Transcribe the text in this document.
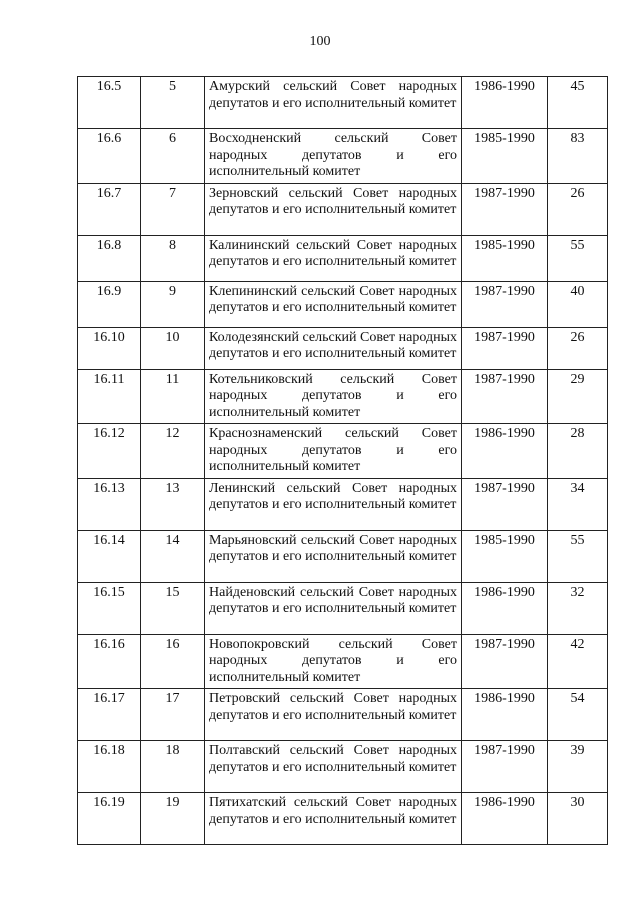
100
16.5	5	Амурский сельский Совет народных депутатов и его исполнительный комитет	1986-1990	45
16.6	6	Восходненский сельский Совет народных депутатов и его исполнительный комитет	1985-1990	83
16.7	7	Зерновский сельский Совет народных депутатов и его исполнительный комитет	1987-1990	26
16.8	8	Калининский сельский Совет народных депутатов и его исполнительный комитет	1985-1990	55
16.9	9	Клепининский сельский Совет народных депутатов и его исполнительный комитет	1987-1990	40
16.10	10	Колодезянский сельский Совет народных депутатов и его исполнительный комитет	1987-1990	26
16.11	11	Котельниковский сельский Совет народных депутатов и его исполнительный комитет	1987-1990	29
16.12	12	Краснознаменский сельский Совет народных депутатов и его исполнительный комитет	1986-1990	28
16.13	13	Ленинский сельский Совет народных депутатов и его исполнительный комитет	1987-1990	34
16.14	14	Марьяновский сельский Совет народных депутатов и его исполнительный комитет	1985-1990	55
16.15	15	Найденовский сельский Совет народных депутатов и его исполнительный комитет	1986-1990	32
16.16	16	Новопокровский сельский Совет народных депутатов и его исполнительный комитет	1987-1990	42
16.17	17	Петровский сельский Совет народных депутатов и его исполнительный комитет	1986-1990	54
16.18	18	Полтавский сельский Совет народных депутатов и его исполнительный комитет	1987-1990	39
16.19	19	Пятихатский сельский Совет народных депутатов и его исполнительный комитет	1986-1990	30
